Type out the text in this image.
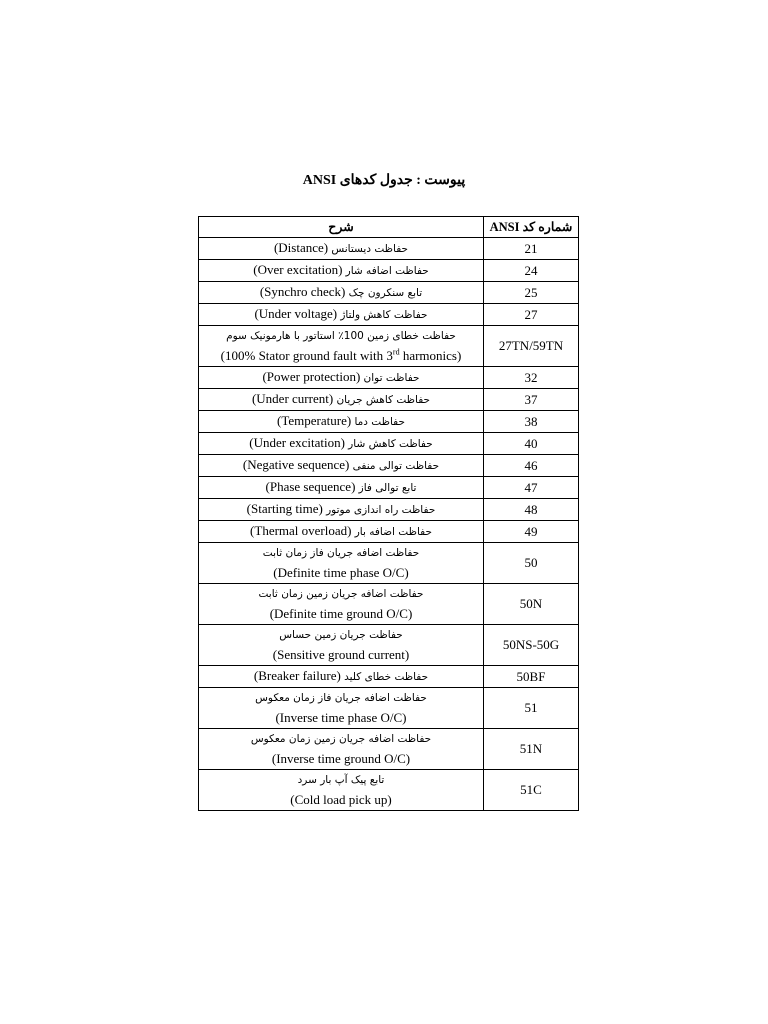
پیوست : جدول کدهای ANSI
شماره کد ANSI	شرح
21	حفاظت دیستانس (Distance)

24	حفاظت اضافه شار (Over excitation)

25	تابع سنکرون چک (Synchro check)

27	حفاظت کاهش ولتاژ (Under voltage)

27TN/59TN	حفاظت خطای زمین 100٪ استاتور با هارمونیک سوم
(100% Stator ground fault with 3rd harmonics)

32	حفاظت توان (Power protection)

37	حفاظت کاهش جریان (Under current)

38	حفاظت دما (Temperature)

40	حفاظت کاهش شار (Under excitation)

46	حفاظت توالی منفی (Negative sequence)

47	تابع توالی فاز (Phase sequence)

48	حفاظت راه اندازی موتور (Starting time)

49	حفاظت اضافه بار (Thermal overload)

50	حفاظت اضافه جریان فاز زمان ثابت
(Definite time phase O/C)

50N	حفاظت اضافه جریان زمین زمان ثابت
(Definite time ground O/C)

50NS-50G	حفاظت جریان زمین حساس
(Sensitive ground current)

50BF	حفاظت خطای کلید (Breaker failure)

51	حفاظت اضافه جریان فاز زمان معکوس
(Inverse time phase O/C)

51N	حفاظت اضافه جریان زمین زمان معکوس
(Inverse time ground O/C)

51C	تابع پیک آپ بار سرد
(Cold load pick up)
